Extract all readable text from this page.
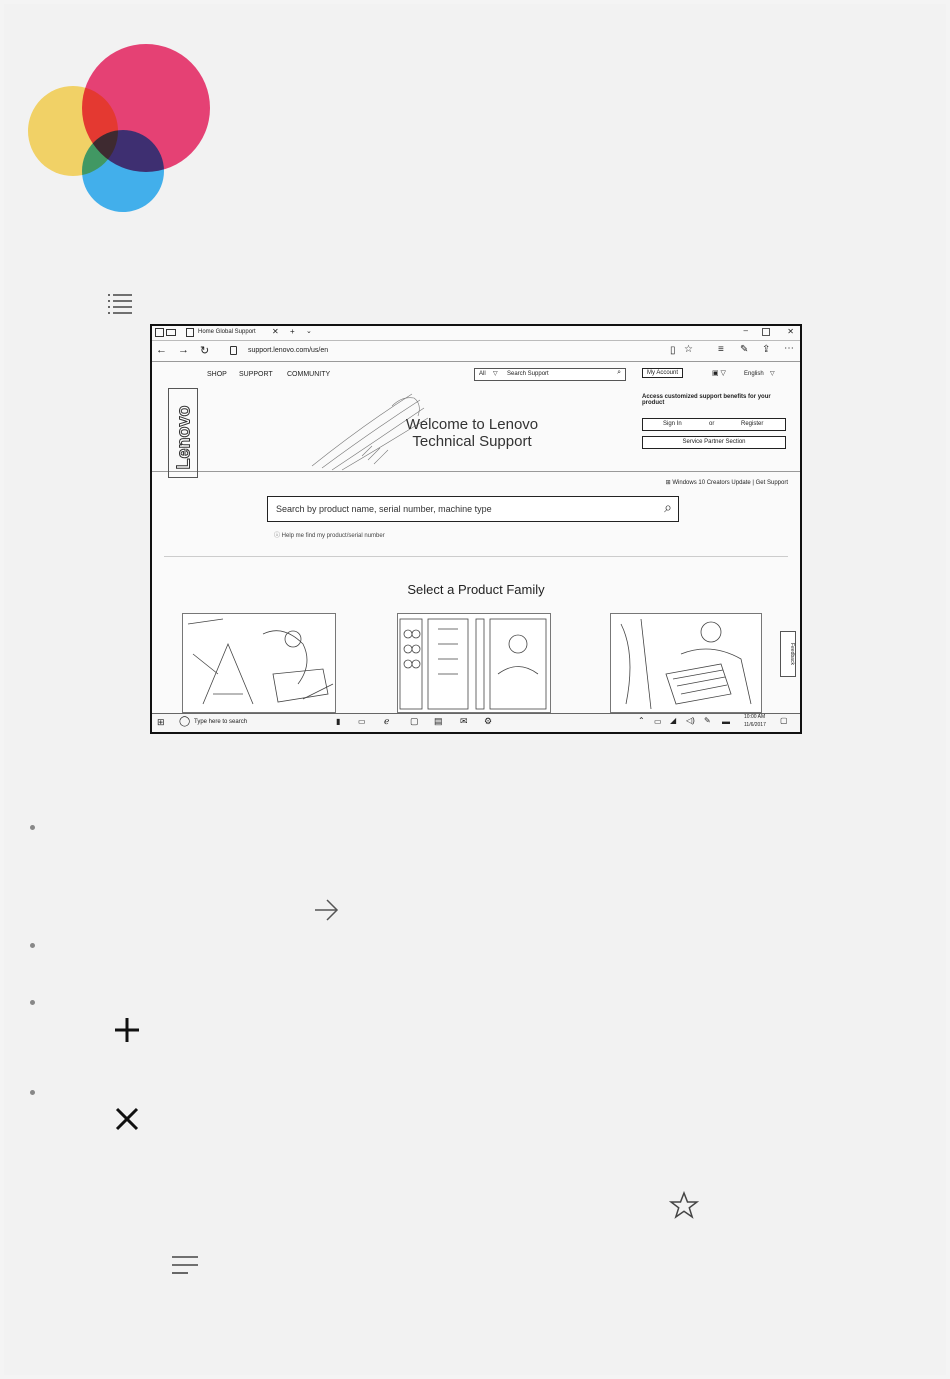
Home Global Support ✕ + ⌄	–	✕
← → ↻	support.lenovo.com/us/en	▯ ☆	≡ ✎ ⇪ ⋯
SHOP SUPPORT COMMUNITY	All ▽ Search Support	⌕	My Account	▣ ▽	English ▽
Lenovo	Welcome to Lenovo
Technical Support
Access customized support benefits for your product
Sign In	or	Register
Service Partner Section
⊞ Windows 10 Creators Update | Get Support
Search by product name, serial number, machine type	⌕
ⓘ Help me find my product/serial number
Select a Product Family
Feedback
⊞ ◯ Type here to search	▮ ▭ ℯ ▢ ▤ ✉ ⚙	⌃ ▭ ◢ ◁) ✎ ▬	10:00 AM
11/6/2017 ▢
